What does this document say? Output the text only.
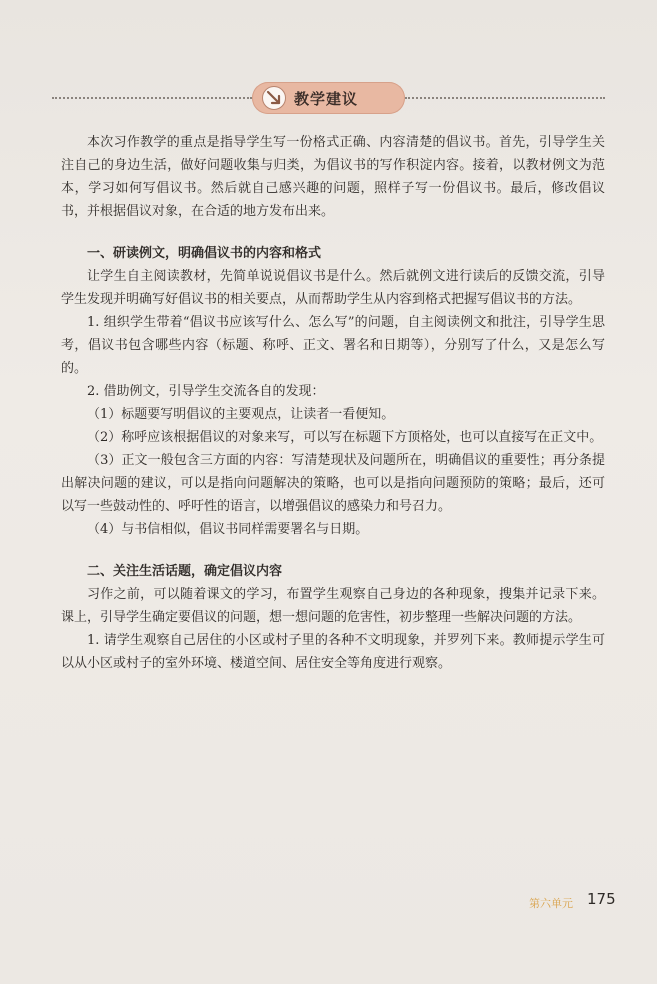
教学建议

本次习作教学的重点是指导学生写一份格式正确、内容清楚的倡议书。首先，引导学生关注自己的身边生活，做好问题收集与归类，为倡议书的写作积淀内容。接着，以教材例文为范本，学习如何写倡议书。然后就自己感兴趣的问题，照样子写一份倡议书。最后，修改倡议书，并根据倡议对象，在合适的地方发布出来。

一、研读例文，明确倡议书的内容和格式

让学生自主阅读教材，先简单说说倡议书是什么。然后就例文进行读后的反馈交流，引导学生发现并明确写好倡议书的相关要点，从而帮助学生从内容到格式把握写倡议书的方法。

1. 组织学生带着“倡议书应该写什么、怎么写”的问题，自主阅读例文和批注，引导学生思考，倡议书包含哪些内容（标题、称呼、正文、署名和日期等），分别写了什么，又是怎么写的。

2. 借助例文，引导学生交流各自的发现：

（1）标题要写明倡议的主要观点，让读者一看便知。

（2）称呼应该根据倡议的对象来写，可以写在标题下方顶格处，也可以直接写在正文中。

（3）正文一般包含三方面的内容：写清楚现状及问题所在，明确倡议的重要性；再分条提出解决问题的建议，可以是指向问题解决的策略，也可以是指向问题预防的策略；最后，还可以写一些鼓动性的、呼吁性的语言，以增强倡议的感染力和号召力。

（4）与书信相似，倡议书同样需要署名与日期。

二、关注生活话题，确定倡议内容

习作之前，可以随着课文的学习，布置学生观察自己身边的各种现象，搜集并记录下来。课上，引导学生确定要倡议的问题，想一想问题的危害性，初步整理一些解决问题的方法。

1. 请学生观察自己居住的小区或村子里的各种不文明现象，并罗列下来。教师提示学生可以从小区或村子的室外环境、楼道空间、居住安全等角度进行观察。

第六单元 175
